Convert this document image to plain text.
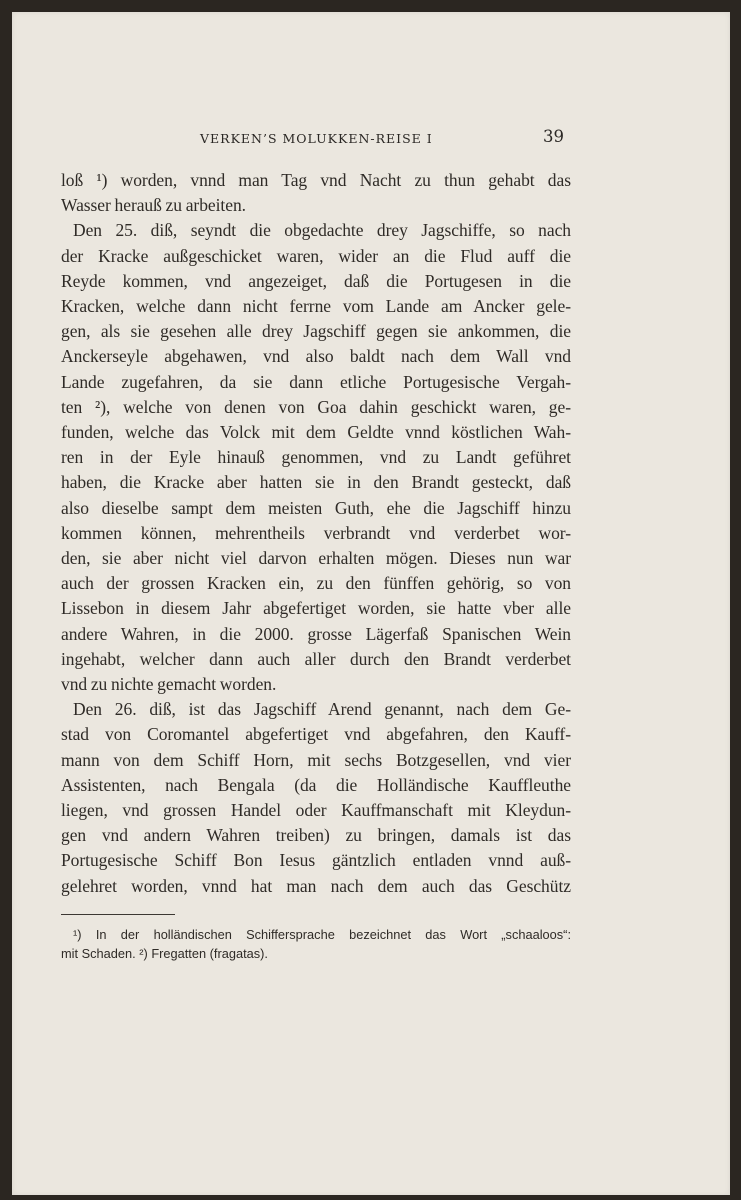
VERKEN’S MOLUKKEN-REISE I	39

loß ¹) worden, vnnd man Tag vnd Nacht zu thun gehabt das

Wasser herauß zu arbeiten.

Den 25. diß, seyndt die obgedachte drey Jagschiffe, so nach

der Kracke außgeschicket waren, wider an die Flud auff die

Reyde kommen, vnd angezeiget, daß die Portugesen in die

Kracken, welche dann nicht ferrne vom Lande am Ancker gele-

gen, als sie gesehen alle drey Jagschiff gegen sie ankommen, die

Anckerseyle abgehawen, vnd also baldt nach dem Wall vnd

Lande zugefahren, da sie dann etliche Portugesische Vergah-

ten ²), welche von denen von Goa dahin geschickt waren, ge-

funden, welche das Volck mit dem Geldte vnnd köstlichen Wah-

ren in der Eyle hinauß genommen, vnd zu Landt geführet

haben, die Kracke aber hatten sie in den Brandt gesteckt, daß

also dieselbe sampt dem meisten Guth, ehe die Jagschiff hinzu

kommen können, mehrentheils verbrandt vnd verderbet wor-

den, sie aber nicht viel darvon erhalten mögen. Dieses nun war

auch der grossen Kracken ein, zu den fünffen gehörig, so von

Lissebon in diesem Jahr abgefertiget worden, sie hatte vber alle

andere Wahren, in die 2000. grosse Lägerfaß Spanischen Wein

ingehabt, welcher dann auch aller durch den Brandt verderbet

vnd zu nichte gemacht worden.

Den 26. diß, ist das Jagschiff Arend genannt, nach dem Ge-

stad von Coromantel abgefertiget vnd abgefahren, den Kauff-

mann von dem Schiff Horn, mit sechs Botzgesellen, vnd vier

Assistenten, nach Bengala (da die Holländische Kauffleuthe

liegen, vnd grossen Handel oder Kauffmanschaft mit Kleydun-

gen vnd andern Wahren treiben) zu bringen, damals ist das

Portugesische Schiff Bon Iesus gäntzlich entladen vnnd auß-

gelehret worden, vnnd hat man nach dem auch das Geschütz

¹) In der holländischen Schiffersprache bezeichnet das Wort „schaaloos“:

mit Schaden. ²) Fregatten (fragatas).
